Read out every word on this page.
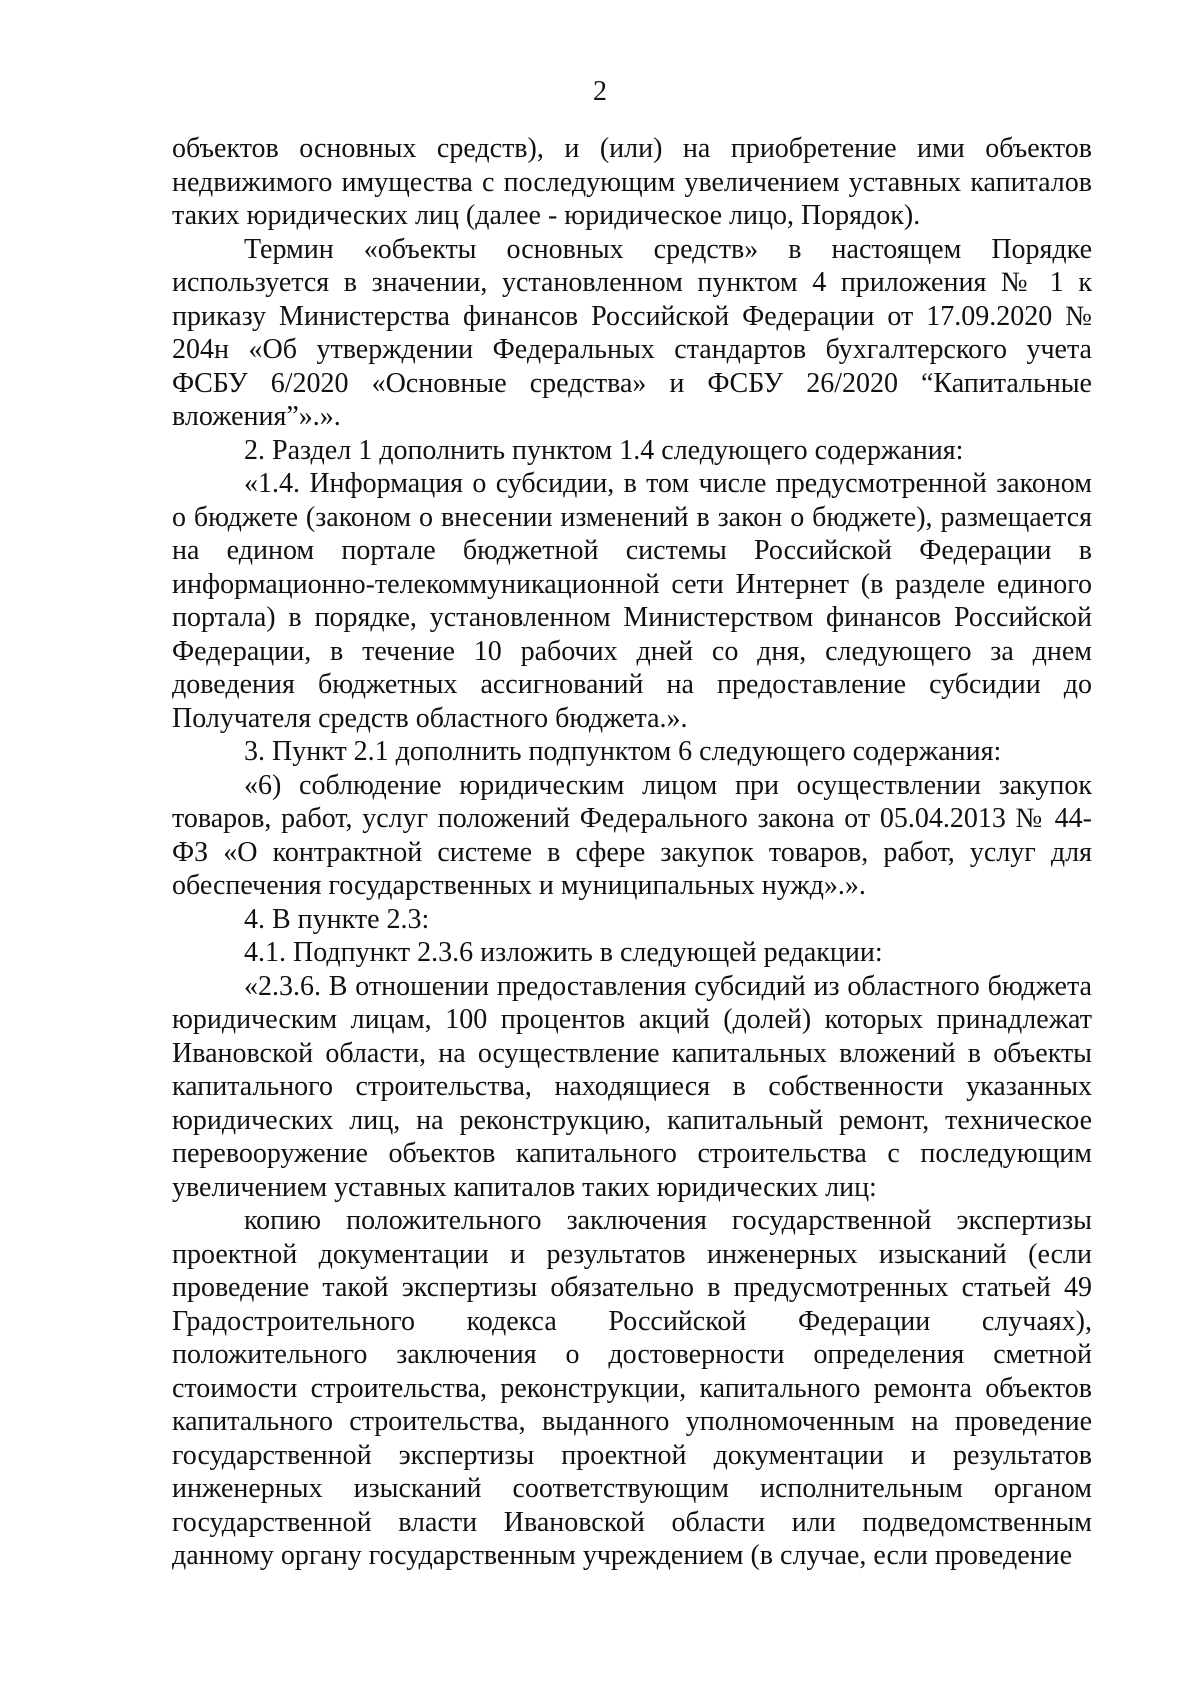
2

объектов основных средств), и (или) на приобретение ими объектов недвижимого имущества с последующим увеличением уставных капиталов таких юридических лиц (далее - юридическое лицо, Порядок).

Термин «объекты основных средств» в настоящем Порядке используется в значении, установленном пунктом 4 приложения № 1 к приказу Министерства финансов Российской Федерации от 17.09.2020 № 204н «Об утверждении Федеральных стандартов бухгалтерского учета ФСБУ 6/2020 «Основные средства» и ФСБУ 26/2020 “Капитальные вложения”».».

2. Раздел 1 дополнить пунктом 1.4 следующего содержания:

«1.4. Информация о субсидии, в том числе предусмотренной законом о бюджете (законом о внесении изменений в закон о бюджете), размещается на едином портале бюджетной системы Российской Федерации в информационно-телекоммуникационной сети Интернет (в разделе единого портала) в порядке, установленном Министерством финансов Российской Федерации, в течение 10 рабочих дней со дня, следующего за днем доведения бюджетных ассигнований на предоставление субсидии до Получателя средств областного бюджета.».

3. Пункт 2.1 дополнить подпунктом 6 следующего содержания:

«6) соблюдение юридическим лицом при осуществлении закупок товаров, работ, услуг положений Федерального закона от 05.04.2013 № 44-ФЗ «О контрактной системе в сфере закупок товаров, работ, услуг для обеспечения государственных и муниципальных нужд».».

4. В пункте 2.3:

4.1. Подпункт 2.3.6 изложить в следующей редакции:

«2.3.6. В отношении предоставления субсидий из областного бюджета юридическим лицам, 100 процентов акций (долей) которых принадлежат Ивановской области, на осуществление капитальных вложений в объекты капитального строительства, находящиеся в собственности указанных юридических лиц, на реконструкцию, капитальный ремонт, техническое перевооружение объектов капитального строительства с последующим увеличением уставных капиталов таких юридических лиц:

копию положительного заключения государственной экспертизы проектной документации и результатов инженерных изысканий (если проведение такой экспертизы обязательно в предусмотренных статьей 49 Градостроительного кодекса Российской Федерации случаях), положительного заключения о достоверности определения сметной стоимости строительства, реконструкции, капитального ремонта объектов капитального строительства, выданного уполномоченным на проведение государственной экспертизы проектной документации и результатов инженерных изысканий соответствующим исполнительным органом государственной власти Ивановской области или подведомственным данному органу государственным учреждением (в случае, если проведение
